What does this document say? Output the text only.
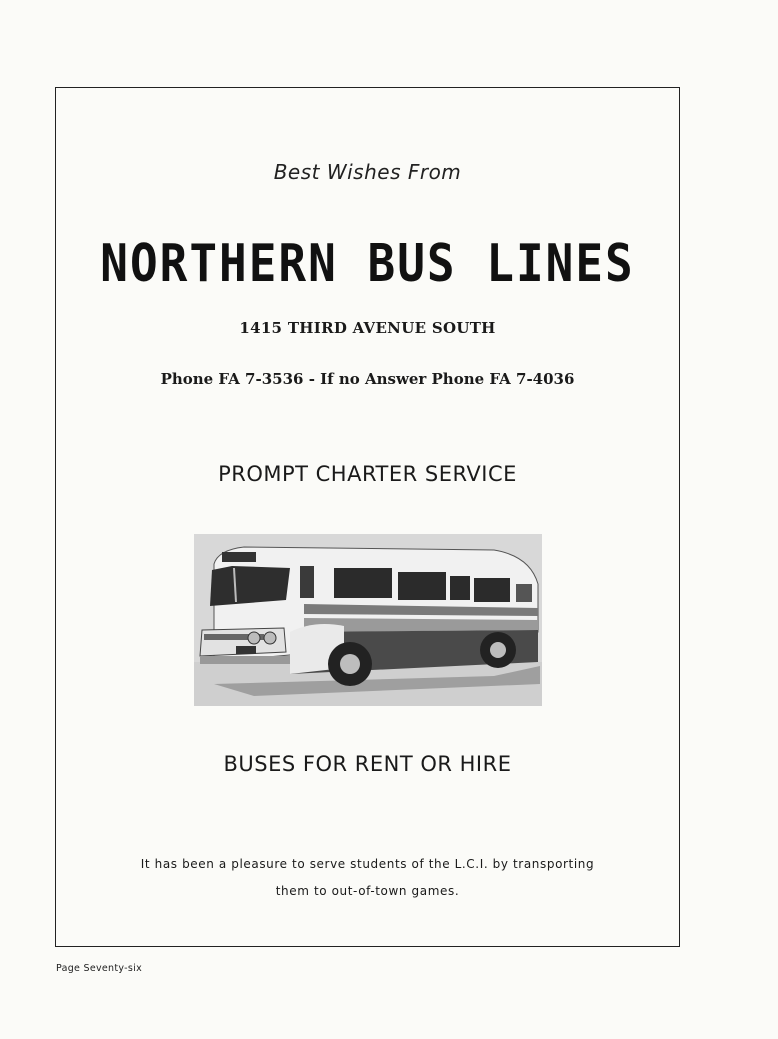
Best Wishes From
NORTHERN BUS LINES
1415 THIRD AVENUE SOUTH
Phone FA 7-3536 - If no Answer Phone FA 7-4036
PROMPT CHARTER SERVICE
BUSES FOR RENT OR HIRE
It has been a pleasure to serve students of the L.C.I. by transporting
them to out-of-town games.
Page Seventy-six
